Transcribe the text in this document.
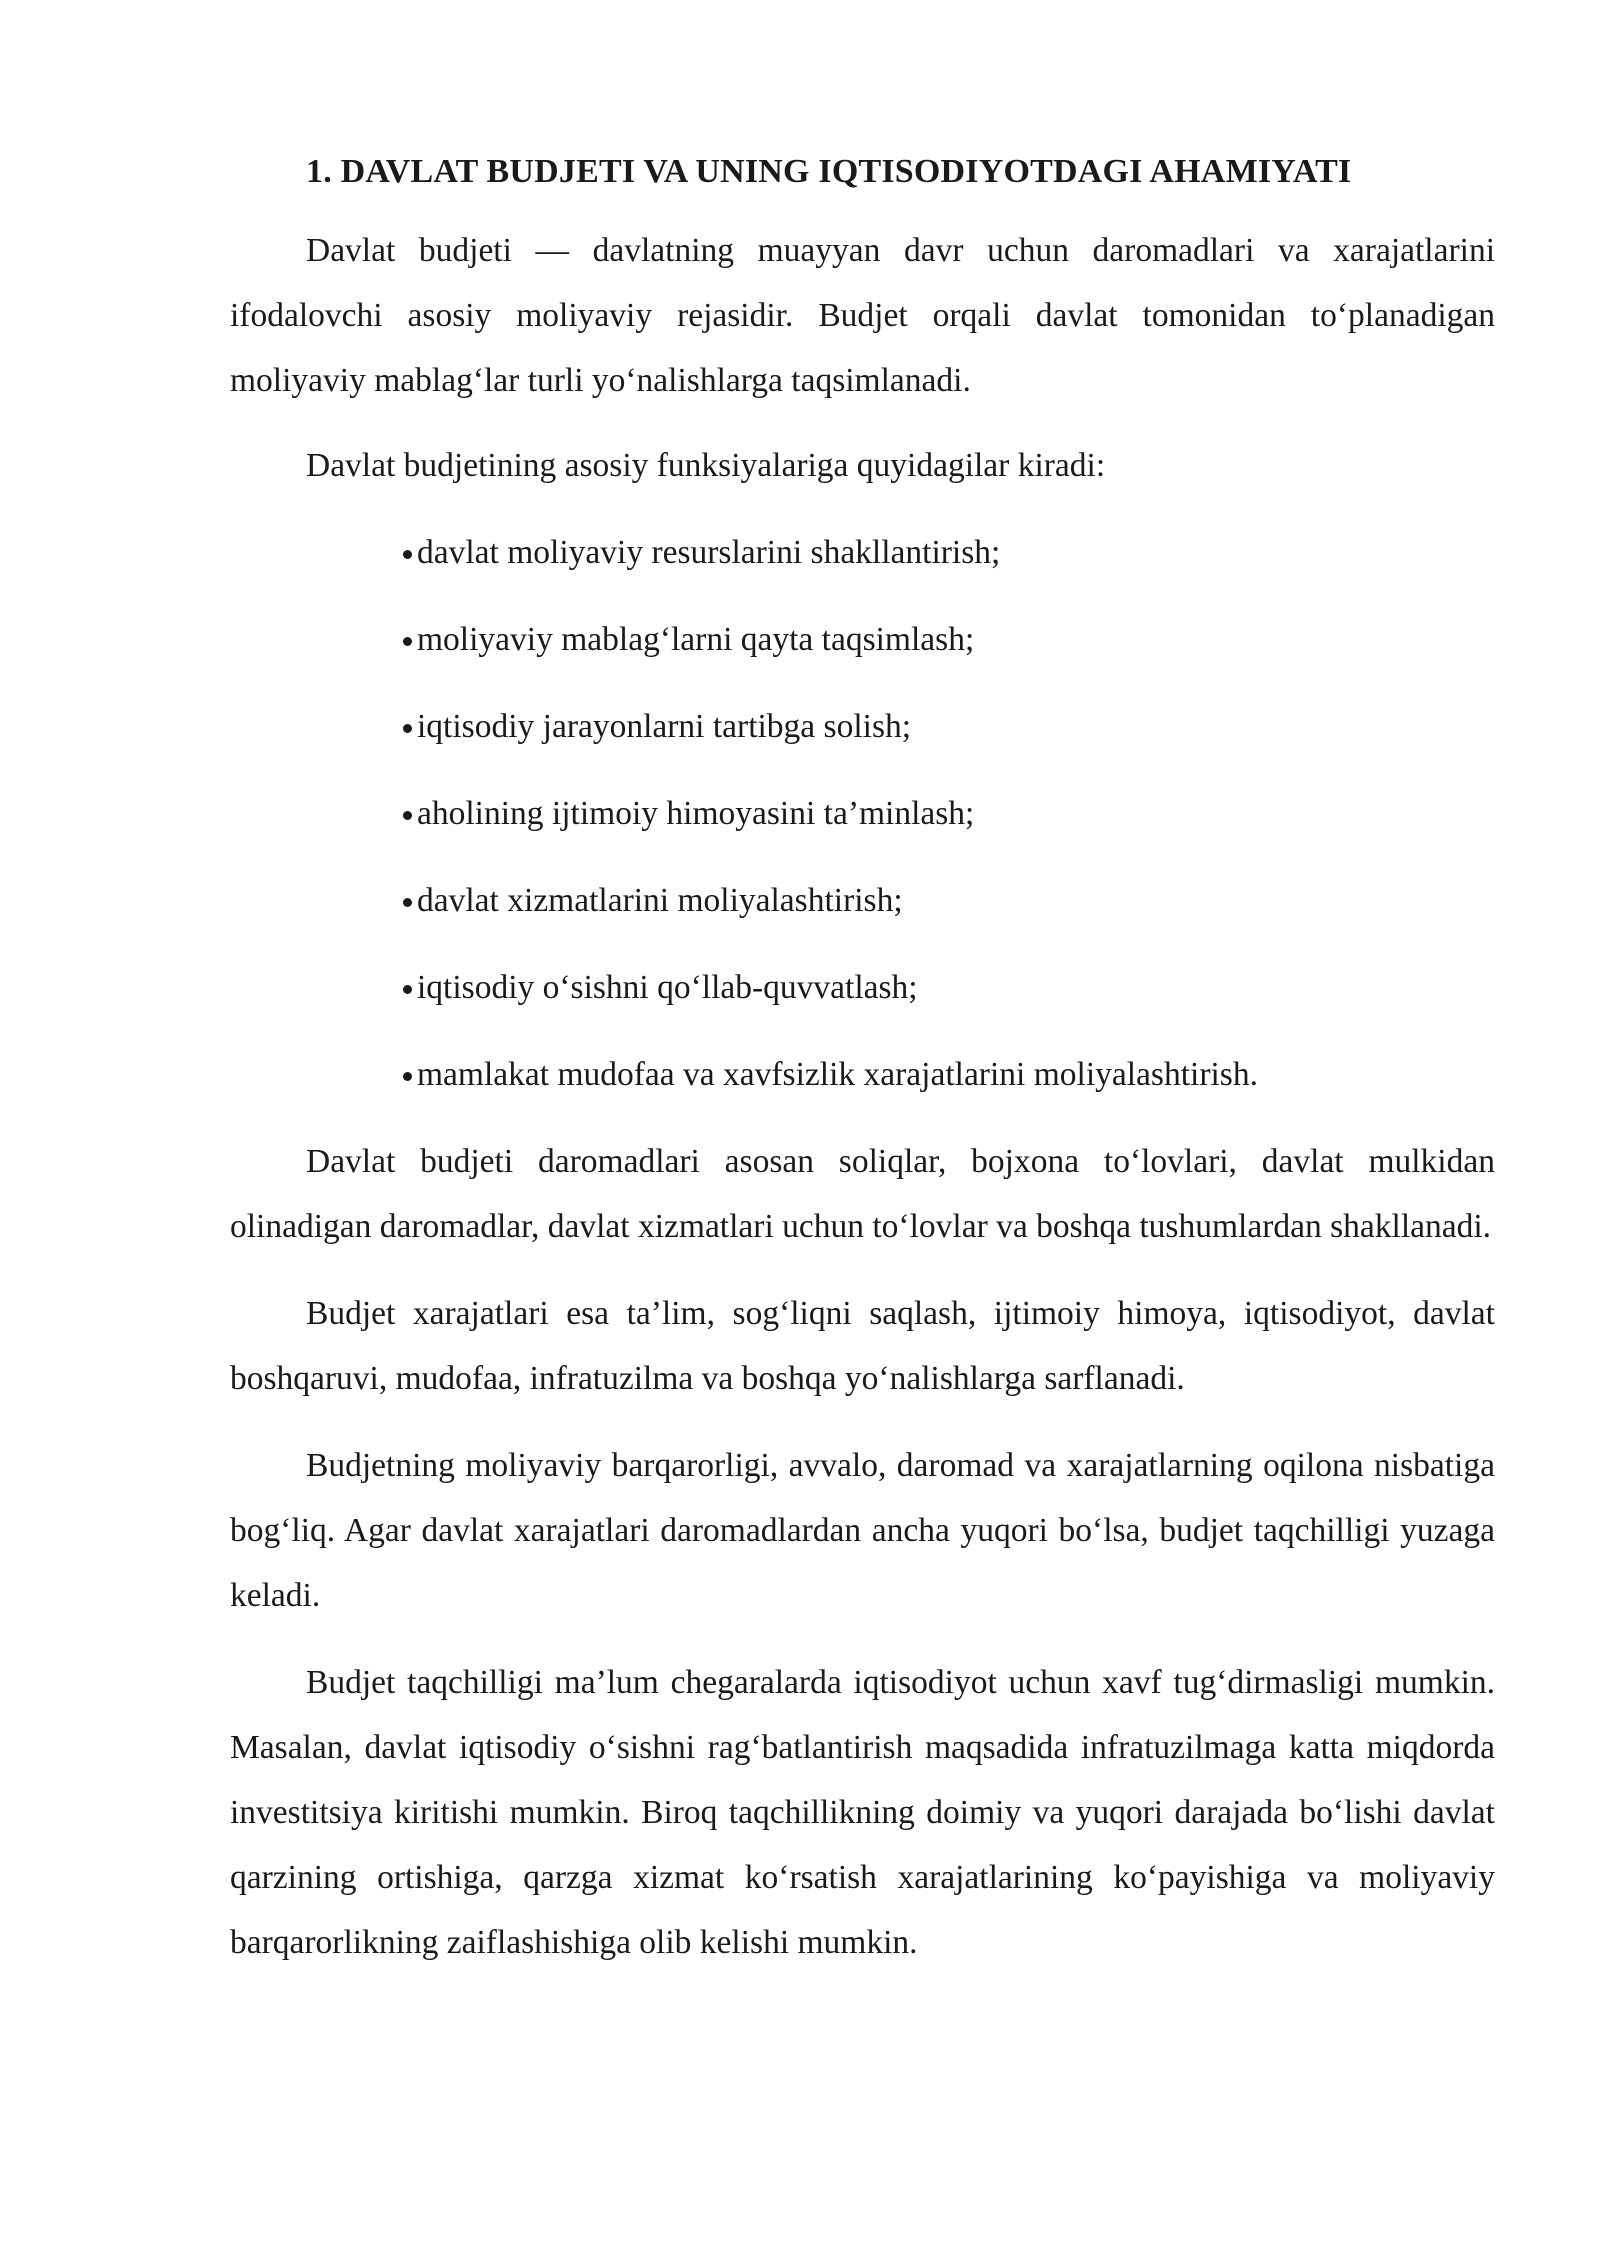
1. DAVLAT BUDJETI VA UNING IQTISODIYOTDAGI AHAMIYATI

Davlat budjeti — davlatning muayyan davr uchun daromadlari va xarajatlarini ifodalovchi asosiy moliyaviy rejasidir. Budjet orqali davlat tomonidan to‘planadigan moliyaviy mablag‘lar turli yo‘nalishlarga taqsimlanadi.

Davlat budjetining asosiy funksiyalariga quyidagilar kiradi:

davlat moliyaviy resurslarini shakllantirish;
moliyaviy mablag‘larni qayta taqsimlash;
iqtisodiy jarayonlarni tartibga solish;
aholining ijtimoiy himoyasini ta’minlash;
davlat xizmatlarini moliyalashtirish;
iqtisodiy o‘sishni qo‘llab-quvvatlash;
mamlakat mudofaa va xavfsizlik xarajatlarini moliyalashtirish.

Davlat budjeti daromadlari asosan soliqlar, bojxona to‘lovlari, davlat mulkidan olinadigan daromadlar, davlat xizmatlari uchun to‘lovlar va boshqa tushumlardan shakllanadi.

Budjet xarajatlari esa ta’lim, sog‘liqni saqlash, ijtimoiy himoya, iqtisodiyot, davlat boshqaruvi, mudofaa, infratuzilma va boshqa yo‘nalishlarga sarflanadi.

Budjetning moliyaviy barqarorligi, avvalo, daromad va xarajatlarning oqilona nisbatiga bog‘liq. Agar davlat xarajatlari daromadlardan ancha yuqori bo‘lsa, budjet taqchilligi yuzaga keladi.

Budjet taqchilligi ma’lum chegaralarda iqtisodiyot uchun xavf tug‘dirmasligi mumkin. Masalan, davlat iqtisodiy o‘sishni rag‘batlantirish maqsadida infratuzilmaga katta miqdorda investitsiya kiritishi mumkin. Biroq taqchillikning doimiy va yuqori darajada bo‘lishi davlat qarzining ortishiga, qarzga xizmat ko‘rsatish xarajatlarining ko‘payishiga va moliyaviy barqarorlikning zaiflashishiga olib kelishi mumkin.
